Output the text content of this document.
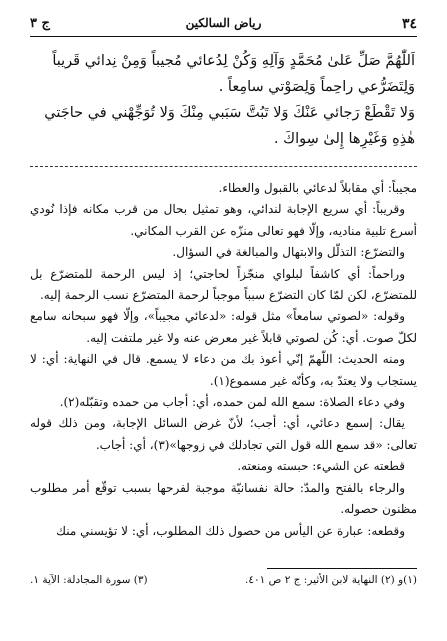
٣٤
رياض السالكين
ج ٣

اَللّٰهُمَّ صَلِّ عَلىٰ مُحَمَّدٍ وَآلِهِ وَكُنْ لِدُعائي مُجيباً وَمِنْ نِدائي قَريباً

وَلِتَضَرُّعي راحِماً وَلِصَوْتي سامِعاً .

وَلا تَقْطَعْ رَجائي عَنْكَ وَلا تَبُتَّ سَبَبي مِنْكَ وَلا تُوَجِّهْني في حاجَتي

هٰذِهِ وَغَيْرِها إِلىٰ سِواكَ .

مجيباً: أي مقابلاً لدعائي بالقبول والعطاء.

وقريباً: أي سريع الإجابة لندائي، وهو تمثيل بحال من قرب مكانه فإذا نُودي أسرع تلبية مناديه، وإلّا فهو تعالى منزّه عن القرب المكاني.

والتضرّع: التذلّل والابتهال والمبالغة في السؤال.

وراحماً: أي كاشفاً لبلواي منجّزاً لحاجتي؛ إذ ليس الرحمة للمتضرّع بل للمتضرّع، لكن لمّا كان التضرّع سبباً موجباً لرحمة المتضرّع نسب الرحمة إليه.

وقوله: «لصوتي سامعاً» مثل قوله: «لدعائي مجيباً»، وإلّا فهو سبحانه سامع لكلّ صوت. أي: كُن لصوتي قابلاً غير معرض عنه ولا غير ملتفت إليه.

ومنه الحديث: اللّهمّ إنّي أعوذ بك من دعاء لا يسمع. قال في النهاية: أي: لا يستجاب ولا يعتدّ به، وكأنّه غير مسموع(١).

وفي دعاء الصلاة: سمع الله لمن حمده، أي: أجاب من حمده وتقبّله(٢).

يقال: إسمع دعائي، أي: أجب؛ لأنّ غرض السائل الإجابة، ومن ذلك قوله تعالى: «قد سمع الله قول التي تجادلك في زوجها»(٣)، أي: أجاب.

قطعته عن الشيء: حبسته ومنعته.

والرجاء بالفتح والمدّ: حالة نفسانيّة موجبة لفرحها بسبب توقّع أمر مطلوب مظنون حصوله.

وقطعه: عبارة عن اليأس من حصول ذلك المطلوب، أي: لا تؤيسني منك

(١)و (٢) النهاية لابن الأثير: ج ٢ ص ٤٠١.
(٣) سورة المجادلة: الآية ١.
